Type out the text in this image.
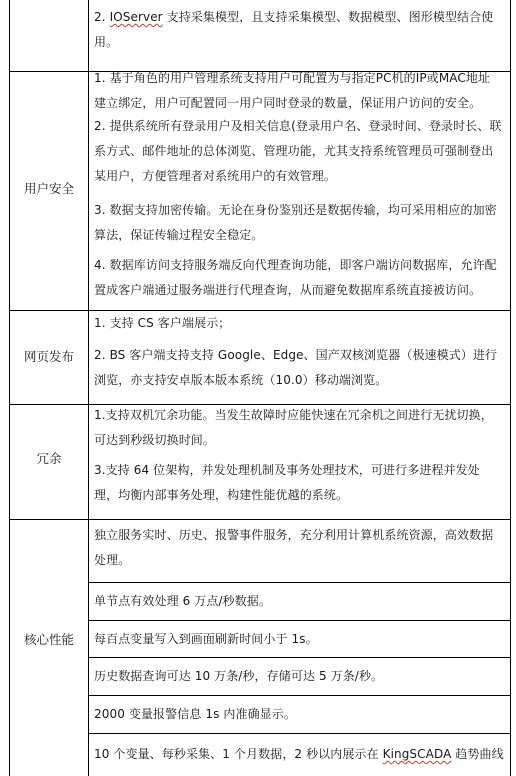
2. IOServer 支持采集模型，且支持采集模型、数据模型、图形模型结合使用。
用户安全
1. 基于角色的用户管理系统支持用户可配置为与指定PC机的IP或MAC地址建立绑定，用户可配置同一用户同时登录的数量，保证用户访问的安全。
2. 提供系统所有登录用户及相关信息(登录用户名、登录时间、登录时长、联系方式、邮件地址的总体浏览、管理功能，尤其支持系统管理员可强制登出某用户，方便管理者对系统用户的有效管理。
3. 数据支持加密传输。无论在身份鉴别还是数据传输，均可采用相应的加密算法，保证传输过程安全稳定。
4. 数据库访问支持服务端反向代理查询功能，即客户端访问数据库，允许配置成客户端通过服务端进行代理查询，从而避免数据库系统直接被访问。
网页发布
1. 支持 CS 客户端展示；
2. BS 客户端支持支持 Google、Edge、国产双核浏览器（极速模式）进行浏览，亦支持安卓版本版本系统（10.0）移动端浏览。
冗余
1.支持双机冗余功能。当发生故障时应能快速在冗余机之间进行无扰切换，可达到秒级切换时间。
3.支持 64 位架构，并发处理机制及事务处理技术，可进行多进程并发处理，均衡内部事务处理，构建性能优越的系统。
核心性能
独立服务实时、历史、报警事件服务，充分利用计算机系统资源，高效数据处理。
单节点有效处理 6 万点/秒数据。
每百点变量写入到画面刷新时间小于 1s。
历史数据查询可达 10 万条/秒，存储可达 5 万条/秒。
2000 变量报警信息 1s 内准确显示。
10 个变量、每秒采集、1 个月数据，2 秒以内展示在 KingSCADA 趋势曲线
